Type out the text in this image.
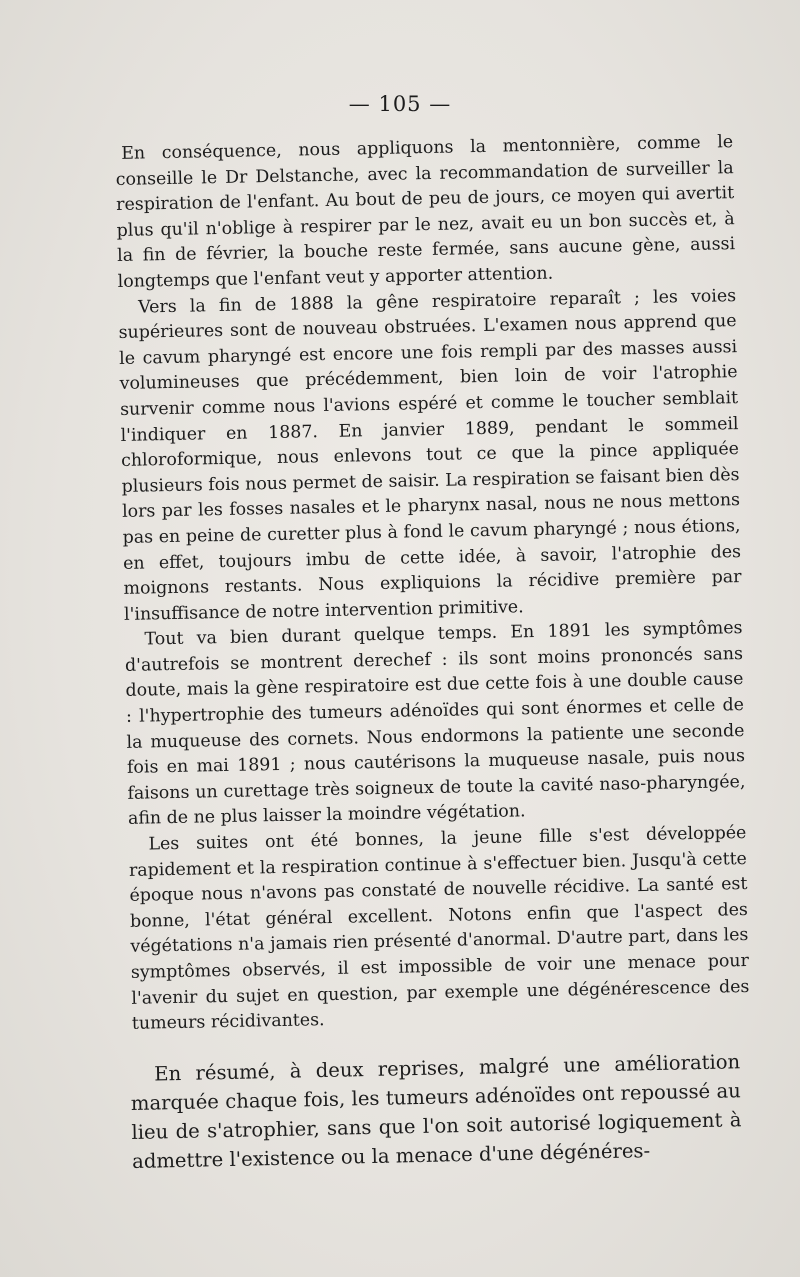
— 105 —

En conséquence, nous appliquons la mentonnière, comme le conseille le Dr Delstanche, avec la recommandation de surveiller la respiration de l'enfant. Au bout de peu de jours, ce moyen qui avertit plus qu'il n'oblige à respirer par le nez, avait eu un bon succès et, à la fin de février, la bouche reste fermée, sans aucune gène, aussi longtemps que l'enfant veut y apporter attention.

Vers la fin de 1888 la gêne respiratoire reparaît ; les voies supérieures sont de nouveau obstruées. L'examen nous apprend que le cavum pharyngé est encore une fois rempli par des masses aussi volumineuses que précédemment, bien loin de voir l'atrophie survenir comme nous l'avions espéré et comme le toucher semblait l'indiquer en 1887. En janvier 1889, pendant le sommeil chloroformique, nous enlevons tout ce que la pince appliquée plusieurs fois nous permet de saisir. La respiration se faisant bien dès lors par les fosses nasales et le pharynx nasal, nous ne nous mettons pas en peine de curetter plus à fond le cavum pharyngé ; nous étions, en effet, toujours imbu de cette idée, à savoir, l'atrophie des moignons restants. Nous expliquions la récidive première par l'insuffisance de notre intervention primitive.

Tout va bien durant quelque temps. En 1891 les symptômes d'autrefois se montrent derechef : ils sont moins prononcés sans doute, mais la gène respiratoire est due cette fois à une double cause : l'hypertrophie des tumeurs adénoïdes qui sont énormes et celle de la muqueuse des cornets. Nous endormons la patiente une seconde fois en mai 1891 ; nous cautérisons la muqueuse nasale, puis nous faisons un curettage très soigneux de toute la cavité naso-pharyngée, afin de ne plus laisser la moindre végétation.

Les suites ont été bonnes, la jeune fille s'est développée rapidement et la respiration continue à s'effectuer bien. Jusqu'à cette époque nous n'avons pas constaté de nouvelle récidive. La santé est bonne, l'état général excellent. Notons enfin que l'aspect des végétations n'a jamais rien présenté d'anormal. D'autre part, dans les symptômes observés, il est impossible de voir une menace pour l'avenir du sujet en question, par exemple une dégénérescence des tumeurs récidivantes.

En résumé, à deux reprises, malgré une amélioration marquée chaque fois, les tumeurs adénoïdes ont repoussé au lieu de s'atrophier, sans que l'on soit autorisé logiquement à admettre l'existence ou la menace d'une dégénéres-
